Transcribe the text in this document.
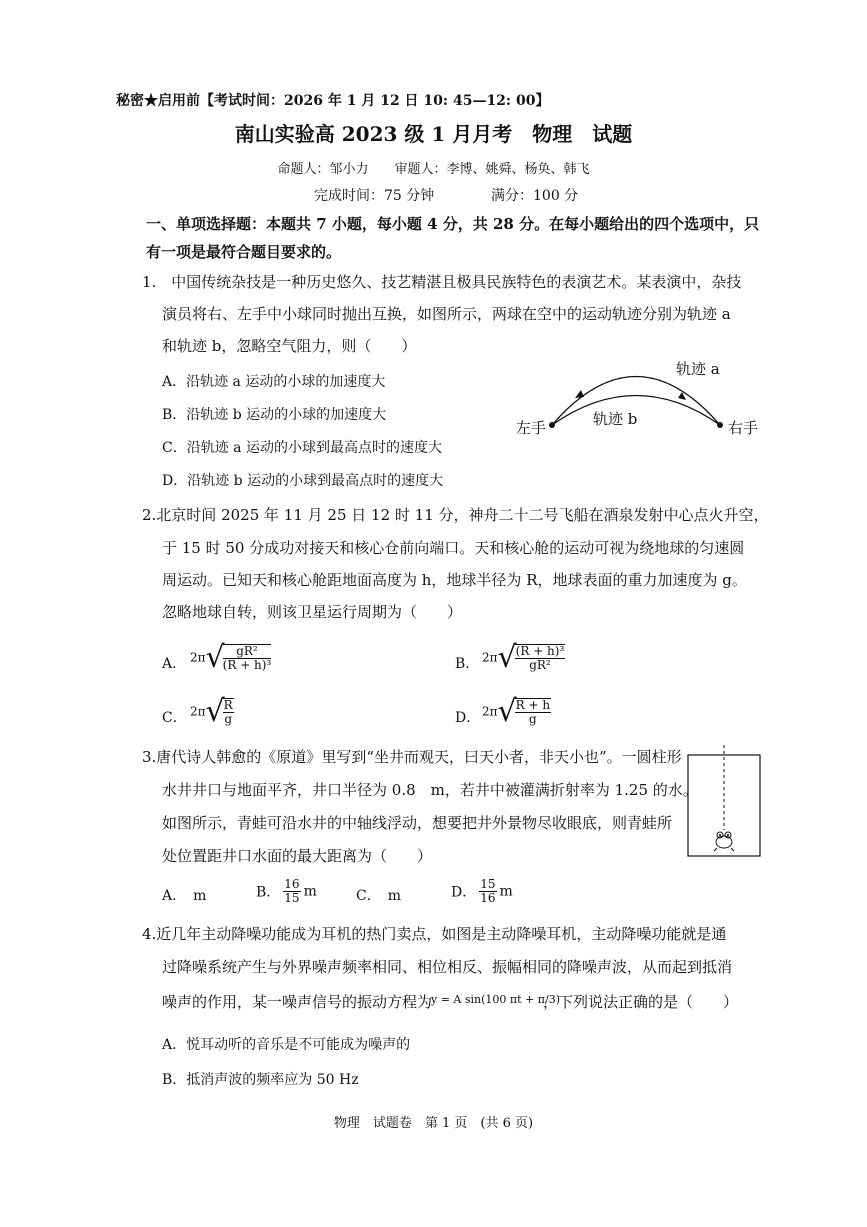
秘密★启用前【考试时间：2026 年 1 月 12 日 10: 45—12: 00】
南山实验高 2023 级 1 月月考　物理　试题
命题人：邹小力　　审题人：李博、姚舜、杨奂、韩飞
完成时间：75 分钟	满分：100 分
一、单项选择题：本题共 7 小题，每小题 4 分，共 28 分。在每小题给出的四个选项中，只
有一项是最符合题目要求的。
1.　中国传统杂技是一种历史悠久、技艺精湛且极具民族特色的表演艺术。某表演中，杂技
演员将右、左手中小球同时抛出互换，如图所示，两球在空中的运动轨迹分别为轨迹 a
和轨迹 b，忽略空气阻力，则（　　）
A．沿轨迹 a 运动的小球的加速度大
B．沿轨迹 b 运动的小球的加速度大
C．沿轨迹 a 运动的小球到最高点时的速度大
D．沿轨迹 b 运动的小球到最高点时的速度大
轨迹 a
轨迹 b
左手	右手
2.北京时间 2025 年 11 月 25 日 12 时 11 分，神舟二十二号飞船在酒泉发射中心点火升空，
于 15 时 50 分成功对接天和核心仓前向端口。天和核心舱的运动可视为绕地球的匀速圆
周运动。已知天和核心舱距地面高度为 h，地球半径为 R，地球表面的重力加速度为 g。
忽略地球自转，则该卫星运行周期为（　　）
A． 2π√
$\frac{\text{gR²}}{\text{(R + h)³}}$	B． 2π√
$\frac{\text{(R + h)³}}{\text{gR²}}$
C． 2π√
$\frac{R}{g}$	D． 2π√
$\frac{R + h}{g}$
3.唐代诗人韩愈的《原道》里写到“坐井而观天，曰天小者，非天小也”。一圆柱形
水井井口与地面平齐，井口半径为 0.8　m，若井中被灌满折射率为 1.25 的水。
如图所示，青蛙可沿水井的中轴线浮动，想要把井外景物尽收眼底，则青蛙所
处位置距井口水面的最大距离为（　　）
A．　m	B． $\frac{16}{15}$ m	C．　m	D． $\frac{15}{16}$ m
4.近几年主动降噪功能成为耳机的热门卖点，如图是主动降噪耳机，主动降噪功能就是通
过降噪系统产生与外界噪声频率相同、相位相反、振幅相同的降噪声波，从而起到抵消
噪声的作用，某一噪声信号的振动方程为
y = A sin(100 πt + π/3)
，下列说法正确的是（　　）
A．悦耳动听的音乐是不可能成为噪声的
B．抵消声波的频率应为 50 Hz
物理　试题卷　第 1 页　(共 6 页)
